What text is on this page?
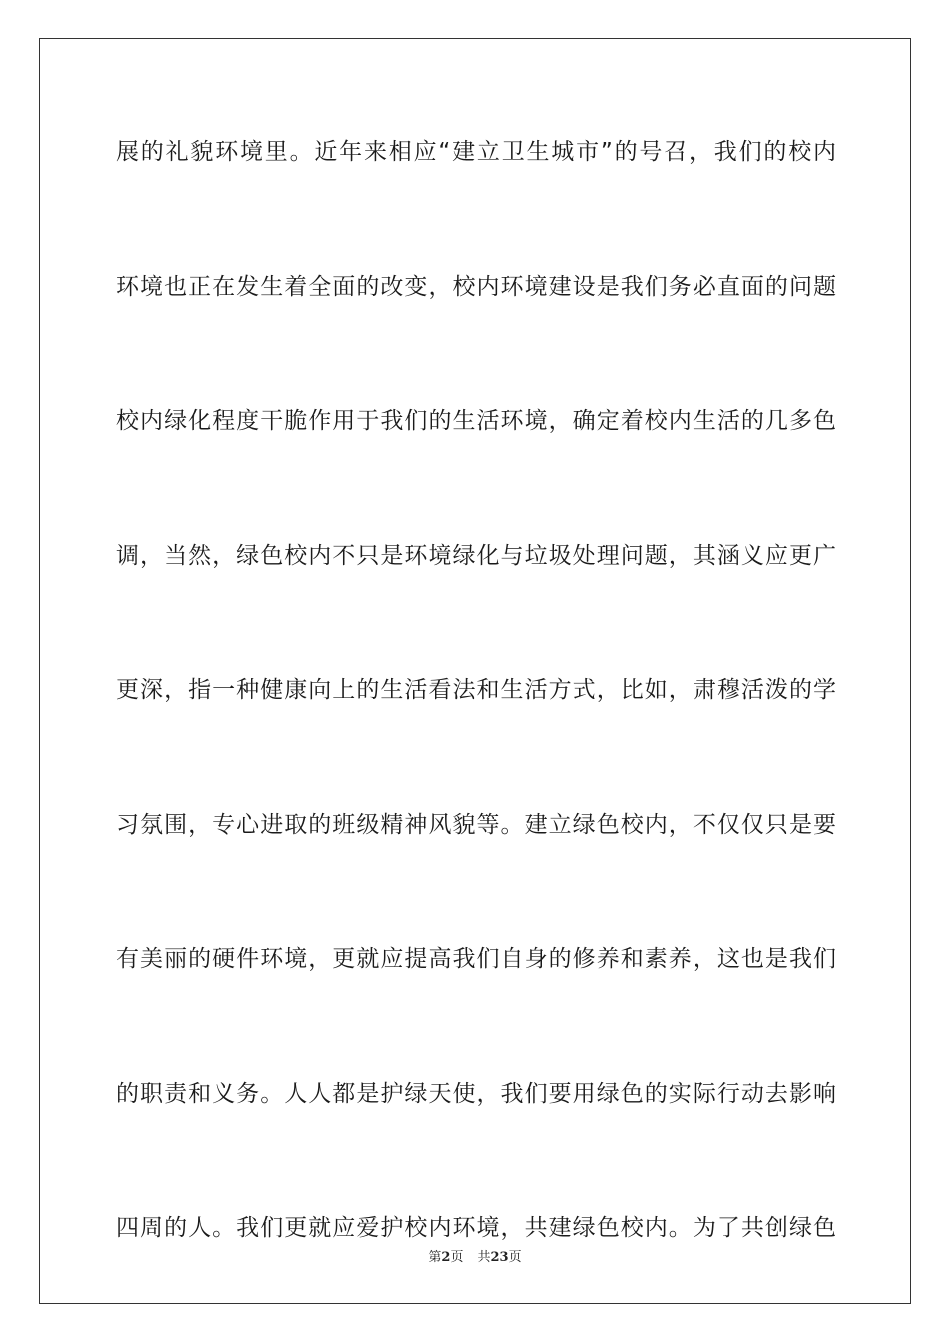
展的礼貌环境里。近年来相应“建立卫生城市”的号召，我们的校内
环境也正在发生着全面的改变，校内环境建设是我们务必直面的问题
校内绿化程度干脆作用于我们的生活环境，确定着校内生活的几多色
调，当然，绿色校内不只是环境绿化与垃圾处理问题，其涵义应更广
更深，指一种健康向上的生活看法和生活方式，比如，肃穆活泼的学
习氛围，专心进取的班级精神风貌等。建立绿色校内，不仅仅只是要
有美丽的硬件环境，更就应提高我们自身的修养和素养，这也是我们
的职责和义务。人人都是护绿天使，我们要用绿色的实际行动去影响
四周的人。我们更就应爱护校内环境，共建绿色校内。为了共创绿色
第2页 共23页
